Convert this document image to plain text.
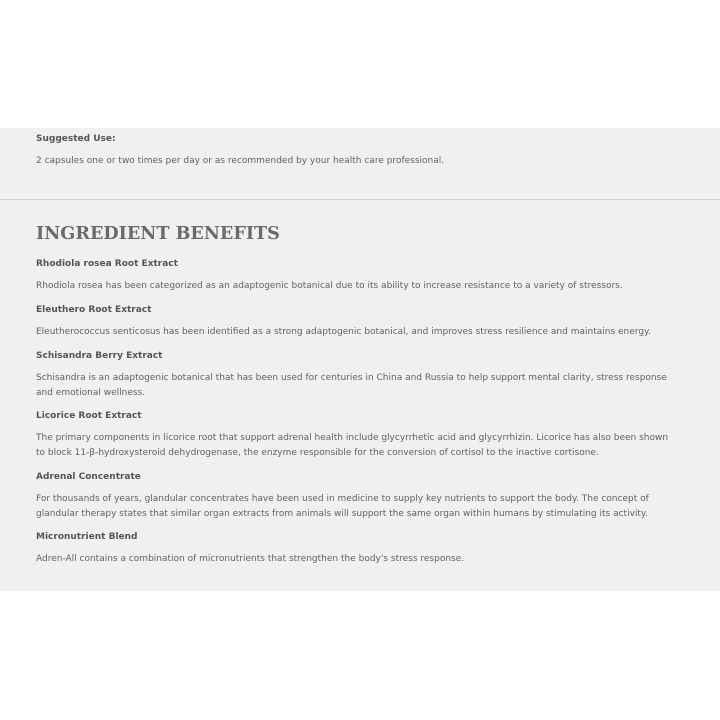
Suggested Use:
2 capsules one or two times per day or as recommended by your health care professional.
INGREDIENT BENEFITS
Rhodiola rosea Root Extract
Rhodiola rosea has been categorized as an adaptogenic botanical due to its ability to increase resistance to a variety of stressors.
Eleuthero Root Extract
Eleutherococcus senticosus has been identified as a strong adaptogenic botanical, and improves stress resilience and maintains energy.
Schisandra Berry Extract
Schisandra is an adaptogenic botanical that has been used for centuries in China and Russia to help support mental clarity, stress response and emotional wellness.
Licorice Root Extract
The primary components in licorice root that support adrenal health include glycyrrhetic acid and glycyrrhizin. Licorice has also been shown to block 11-β-hydroxysteroid dehydrogenase, the enzyme responsible for the conversion of cortisol to the inactive cortisone.
Adrenal Concentrate
For thousands of years, glandular concentrates have been used in medicine to supply key nutrients to support the body. The concept of glandular therapy states that similar organ extracts from animals will support the same organ within humans by stimulating its activity.
Micronutrient Blend
Adren-All contains a combination of micronutrients that strengthen the body's stress response.
